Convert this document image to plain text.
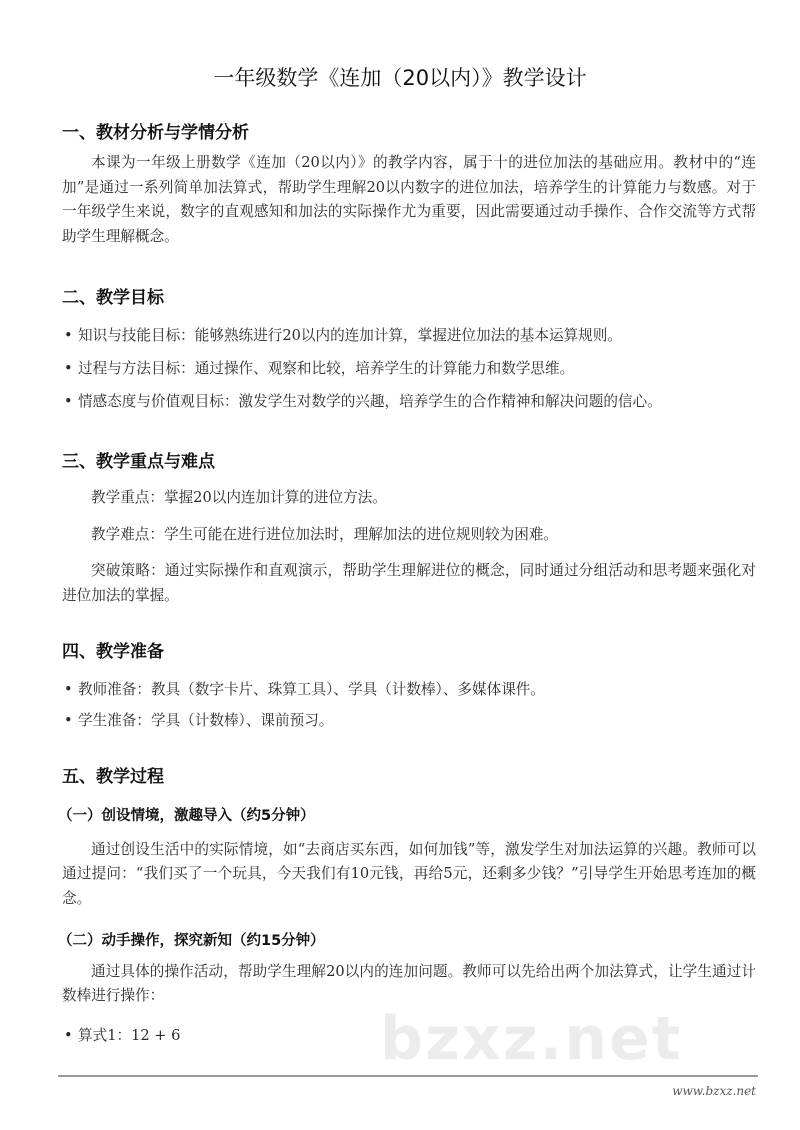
bzxz.net
一年级数学《连加（20以内）》教学设计
一、教材分析与学情分析
本课为一年级上册数学《连加（20以内）》的教学内容，属于十的进位加法的基础应用。教材中的“连加”是通过一系列简单加法算式，帮助学生理解20以内数字的进位加法，培养学生的计算能力与数感。对于一年级学生来说，数字的直观感知和加法的实际操作尤为重要，因此需要通过动手操作、合作交流等方式帮助学生理解概念。
二、教学目标
• 知识与技能目标：能够熟练进行20以内的连加计算，掌握进位加法的基本运算规则。
• 过程与方法目标：通过操作、观察和比较，培养学生的计算能力和数学思维。
• 情感态度与价值观目标：激发学生对数学的兴趣，培养学生的合作精神和解决问题的信心。
三、教学重点与难点
教学重点：掌握20以内连加计算的进位方法。
教学难点：学生可能在进行进位加法时，理解加法的进位规则较为困难。
突破策略：通过实际操作和直观演示，帮助学生理解进位的概念，同时通过分组活动和思考题来强化对进位加法的掌握。
四、教学准备
• 教师准备：教具（数字卡片、珠算工具）、学具（计数棒）、多媒体课件。
• 学生准备：学具（计数棒）、课前预习。
五、教学过程
（一）创设情境，激趣导入（约5分钟）
通过创设生活中的实际情境，如“去商店买东西，如何加钱”等，激发学生对加法运算的兴趣。教师可以通过提问：“我们买了一个玩具，今天我们有10元钱，再给5元，还剩多少钱？”引导学生开始思考连加的概念。
（二）动手操作，探究新知（约15分钟）
通过具体的操作活动，帮助学生理解20以内的连加问题。教师可以先给出两个加法算式，让学生通过计数棒进行操作：
• 算式1：12 + 6
www.bzxz.net
